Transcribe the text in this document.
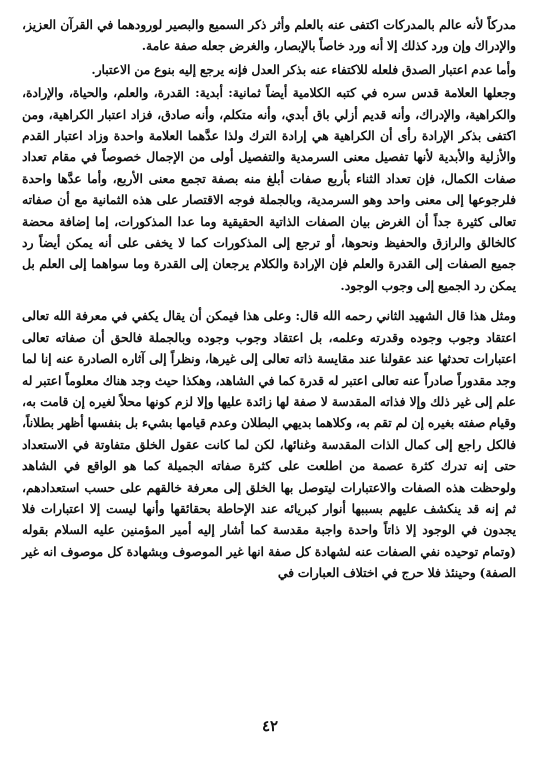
مدركاً لأنه عالم بالمدركات اكتفى عنه بالعلم وأثر ذكر السميع والبصير لورودهما في القرآن العزيز، والإدراك وإن ورد كذلك إلا أنه ورد خاصاً بالإبصار، والغرض جعله صفة عامة.

وأما عدم اعتبار الصدق فلعله للاكتفاء عنه بذكر العدل فإنه يرجع إليه بنوع من الاعتبار.

وجعلها العلامة قدس سره في كتبه الكلامية أيضاً ثمانية: أبدية: القدرة، والعلم، والحياة، والإرادة، والكراهية، والإدراك، وأنه قديم أزلي باق أبدي، وأنه متكلم، وأنه صادق، فزاد اعتبار الكراهية، ومن اكتفى بذكر الإرادة رأى أن الكراهية هي إرادة الترك ولذا عدَّهما العلامة واحدة وزاد اعتبار القدم والأزلية والأبدية لأنها تفصيل معنى السرمدية والتفصيل أولى من الإجمال خصوصاً في مقام تعداد صفات الكمال، فإن تعداد الثناء بأربع صفات أبلغ منه بصفة تجمع معنى الأربع، وأما عدَّها واحدة فلرجوعها إلى معنى واحد وهو السرمدية، وبالجملة فوجه الاقتصار على هذه الثمانية مع أن صفاته تعالى كثيرة جداً أن الغرض بيان الصفات الذاتية الحقيقية وما عدا المذكورات، إما إضافة محضة كالخالق والرازق والحفيظ ونحوها، أو ترجع إلى المذكورات كما لا يخفى على أنه يمكن أيضاً رد جميع الصفات إلى القدرة والعلم فإن الإرادة والكلام يرجعان إلى القدرة وما سواهما إلى العلم بل يمكن رد الجميع إلى وجوب الوجود.

ومثل هذا قال الشهيد الثاني رحمه الله قال: وعلى هذا فيمكن أن يقال يكفي في معرفة الله تعالى اعتقاد وجوب وجوده وقدرته وعلمه، بل اعتقاد وجوب وجوده وبالجملة فالحق أن صفاته تعالى اعتبارات تحدثها عند عقولنا عند مقايسة ذاته تعالى إلى غيرها، ونظراً إلى آثاره الصادرة عنه إنا لما وجد مقدوراً صادراً عنه تعالى اعتبر له قدرة كما في الشاهد، وهكذا حيث وجد هناك معلوماً اعتبر له علم إلى غير ذلك وإلا فذاته المقدسة لا صفة لها زائدة عليها وإلا لزم كونها محلاً لغيره إن قامت به، وقيام صفته بغيره إن لم تقم به، وكلاهما بديهي البطلان وعدم قيامها بشيء بل بنفسها أظهر بطلاناً، فالكل راجع إلى كمال الذات المقدسة وغنائها، لكن لما كانت عقول الخلق متفاوتة في الاستعداد حتى إنه تدرك كثرة عصمة من اطلعت على كثرة صفاته الجميلة كما هو الواقع في الشاهد ولوحظت هذه الصفات والاعتبارات ليتوصل بها الخلق إلى معرفة خالقهم على حسب استعدادهم، ثم إنه قد ينكشف عليهم بسببها أنوار كبريائه عند الإحاطة بحقائقها وأنها ليست إلا اعتبارات فلا يجدون في الوجود إلا ذاتاً واحدة واجبة مقدسة كما أشار إليه أمير المؤمنين عليه السلام بقوله (وتمام توحيده نفي الصفات عنه لشهادة كل صفة انها غير الموصوف وبشهادة كل موصوف انه غير الصفة) وحينئذ فلا حرج في اختلاف العبارات في

٤٢
